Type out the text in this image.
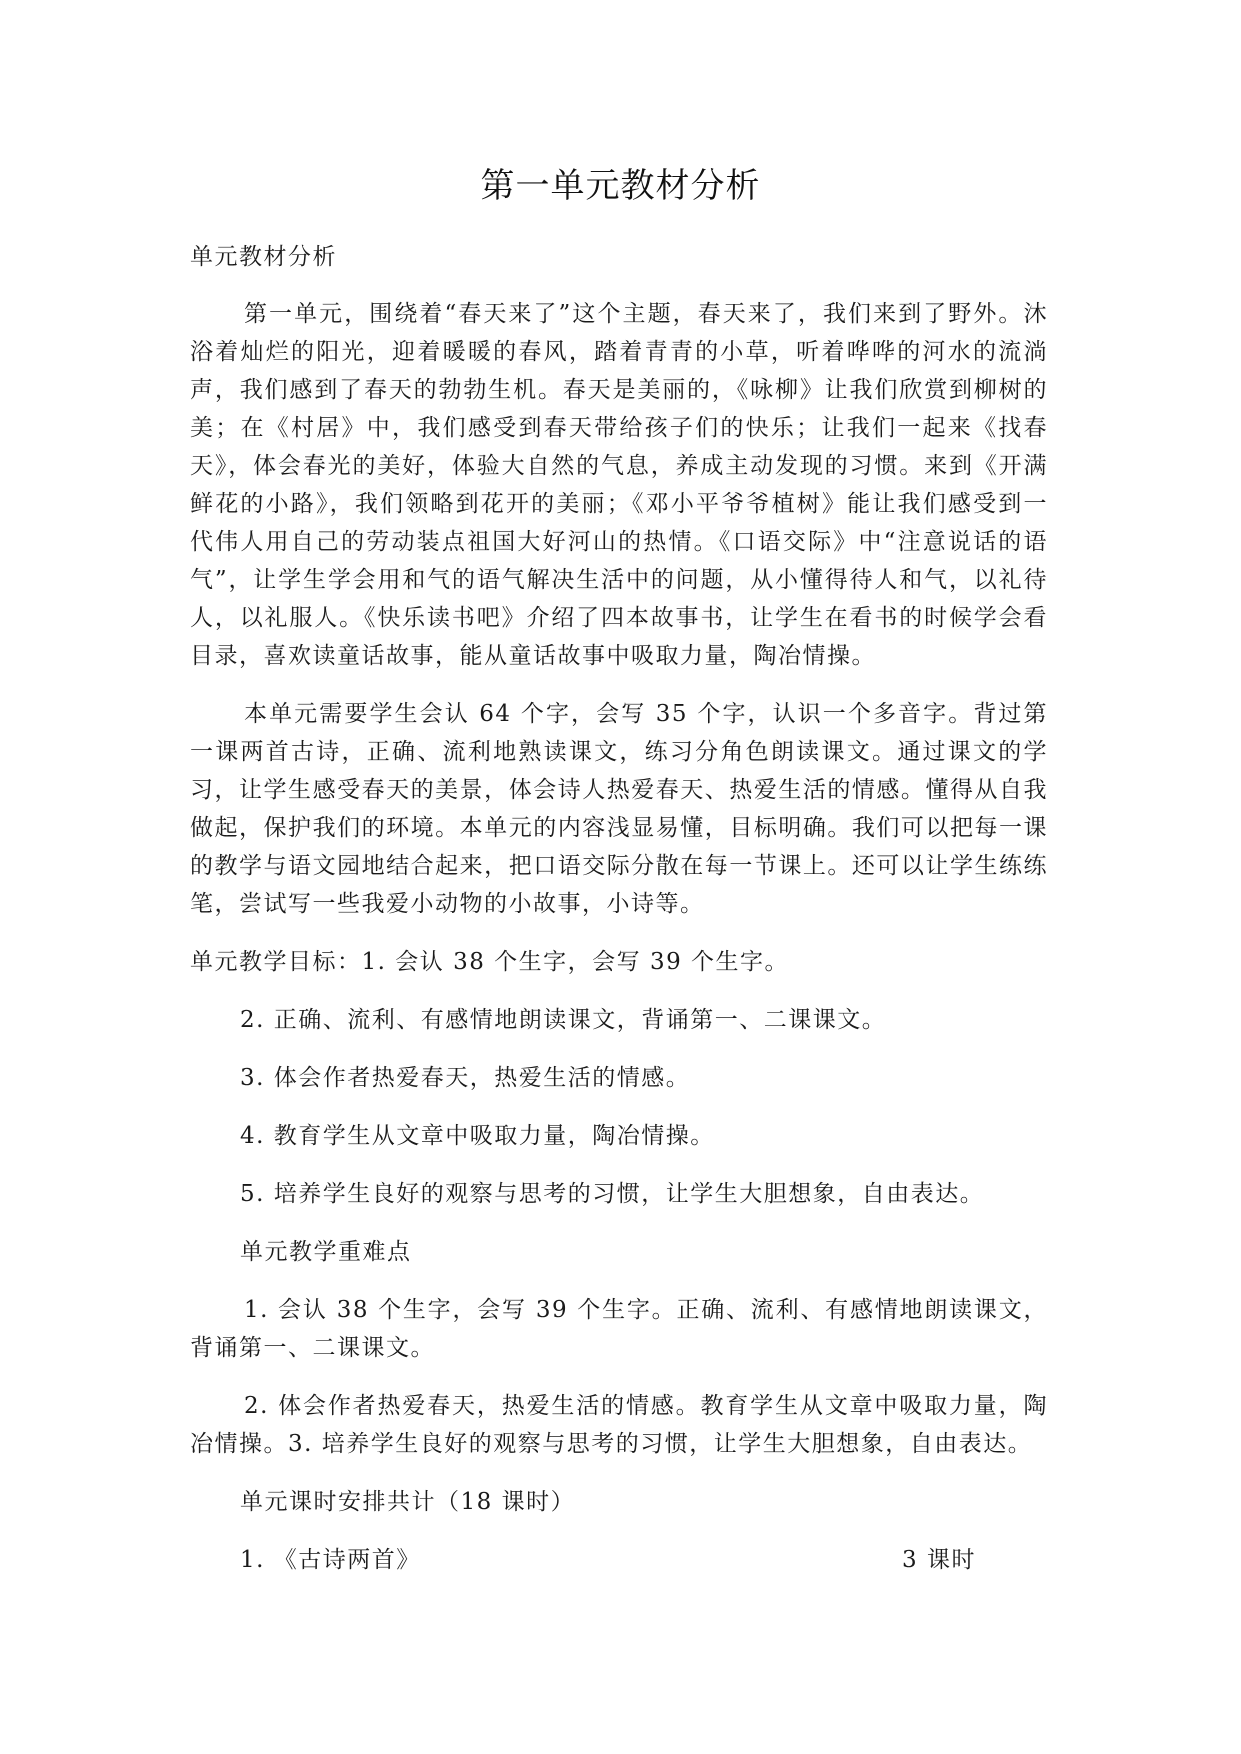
第一单元教材分析

单元教材分析

第一单元，围绕着“春天来了”这个主题，春天来了，我们来到了野外。沐浴着灿烂的阳光，迎着暖暖的春风，踏着青青的小草，听着哗哗的河水的流淌声，我们感到了春天的勃勃生机。春天是美丽的，《咏柳》让我们欣赏到柳树的美；在《村居》中，我们感受到春天带给孩子们的快乐；让我们一起来《找春天》，体会春光的美好，体验大自然的气息，养成主动发现的习惯。来到《开满鲜花的小路》，我们领略到花开的美丽；《邓小平爷爷植树》能让我们感受到一代伟人用自己的劳动装点祖国大好河山的热情。《口语交际》中“注意说话的语气”，让学生学会用和气的语气解决生活中的问题，从小懂得待人和气，以礼待人，以礼服人。《快乐读书吧》介绍了四本故事书，让学生在看书的时候学会看目录，喜欢读童话故事，能从童话故事中吸取力量，陶冶情操。

本单元需要学生会认 64 个字，会写 35 个字，认识一个多音字。背过第一课两首古诗，正确、流利地熟读课文，练习分角色朗读课文。通过课文的学习，让学生感受春天的美景，体会诗人热爱春天、热爱生活的情感。懂得从自我做起，保护我们的环境。本单元的内容浅显易懂，目标明确。我们可以把每一课的教学与语文园地结合起来，把口语交际分散在每一节课上。还可以让学生练练笔，尝试写一些我爱小动物的小故事，小诗等。

单元教学目标：1. 会认 38 个生字，会写 39 个生字。

2. 正确、流利、有感情地朗读课文，背诵第一、二课课文。

3. 体会作者热爱春天，热爱生活的情感。

4. 教育学生从文章中吸取力量，陶冶情操。

5. 培养学生良好的观察与思考的习惯，让学生大胆想象，自由表达。

单元教学重难点

1. 会认 38 个生字，会写 39 个生字。正确、流利、有感情地朗读课文，背诵第一、二课课文。

2. 体会作者热爱春天，热爱生活的情感。教育学生从文章中吸取力量，陶冶情操。3. 培养学生良好的观察与思考的习惯，让学生大胆想象，自由表达。

单元课时安排共计（18 课时）

1. 《古诗两首》	3 课时
